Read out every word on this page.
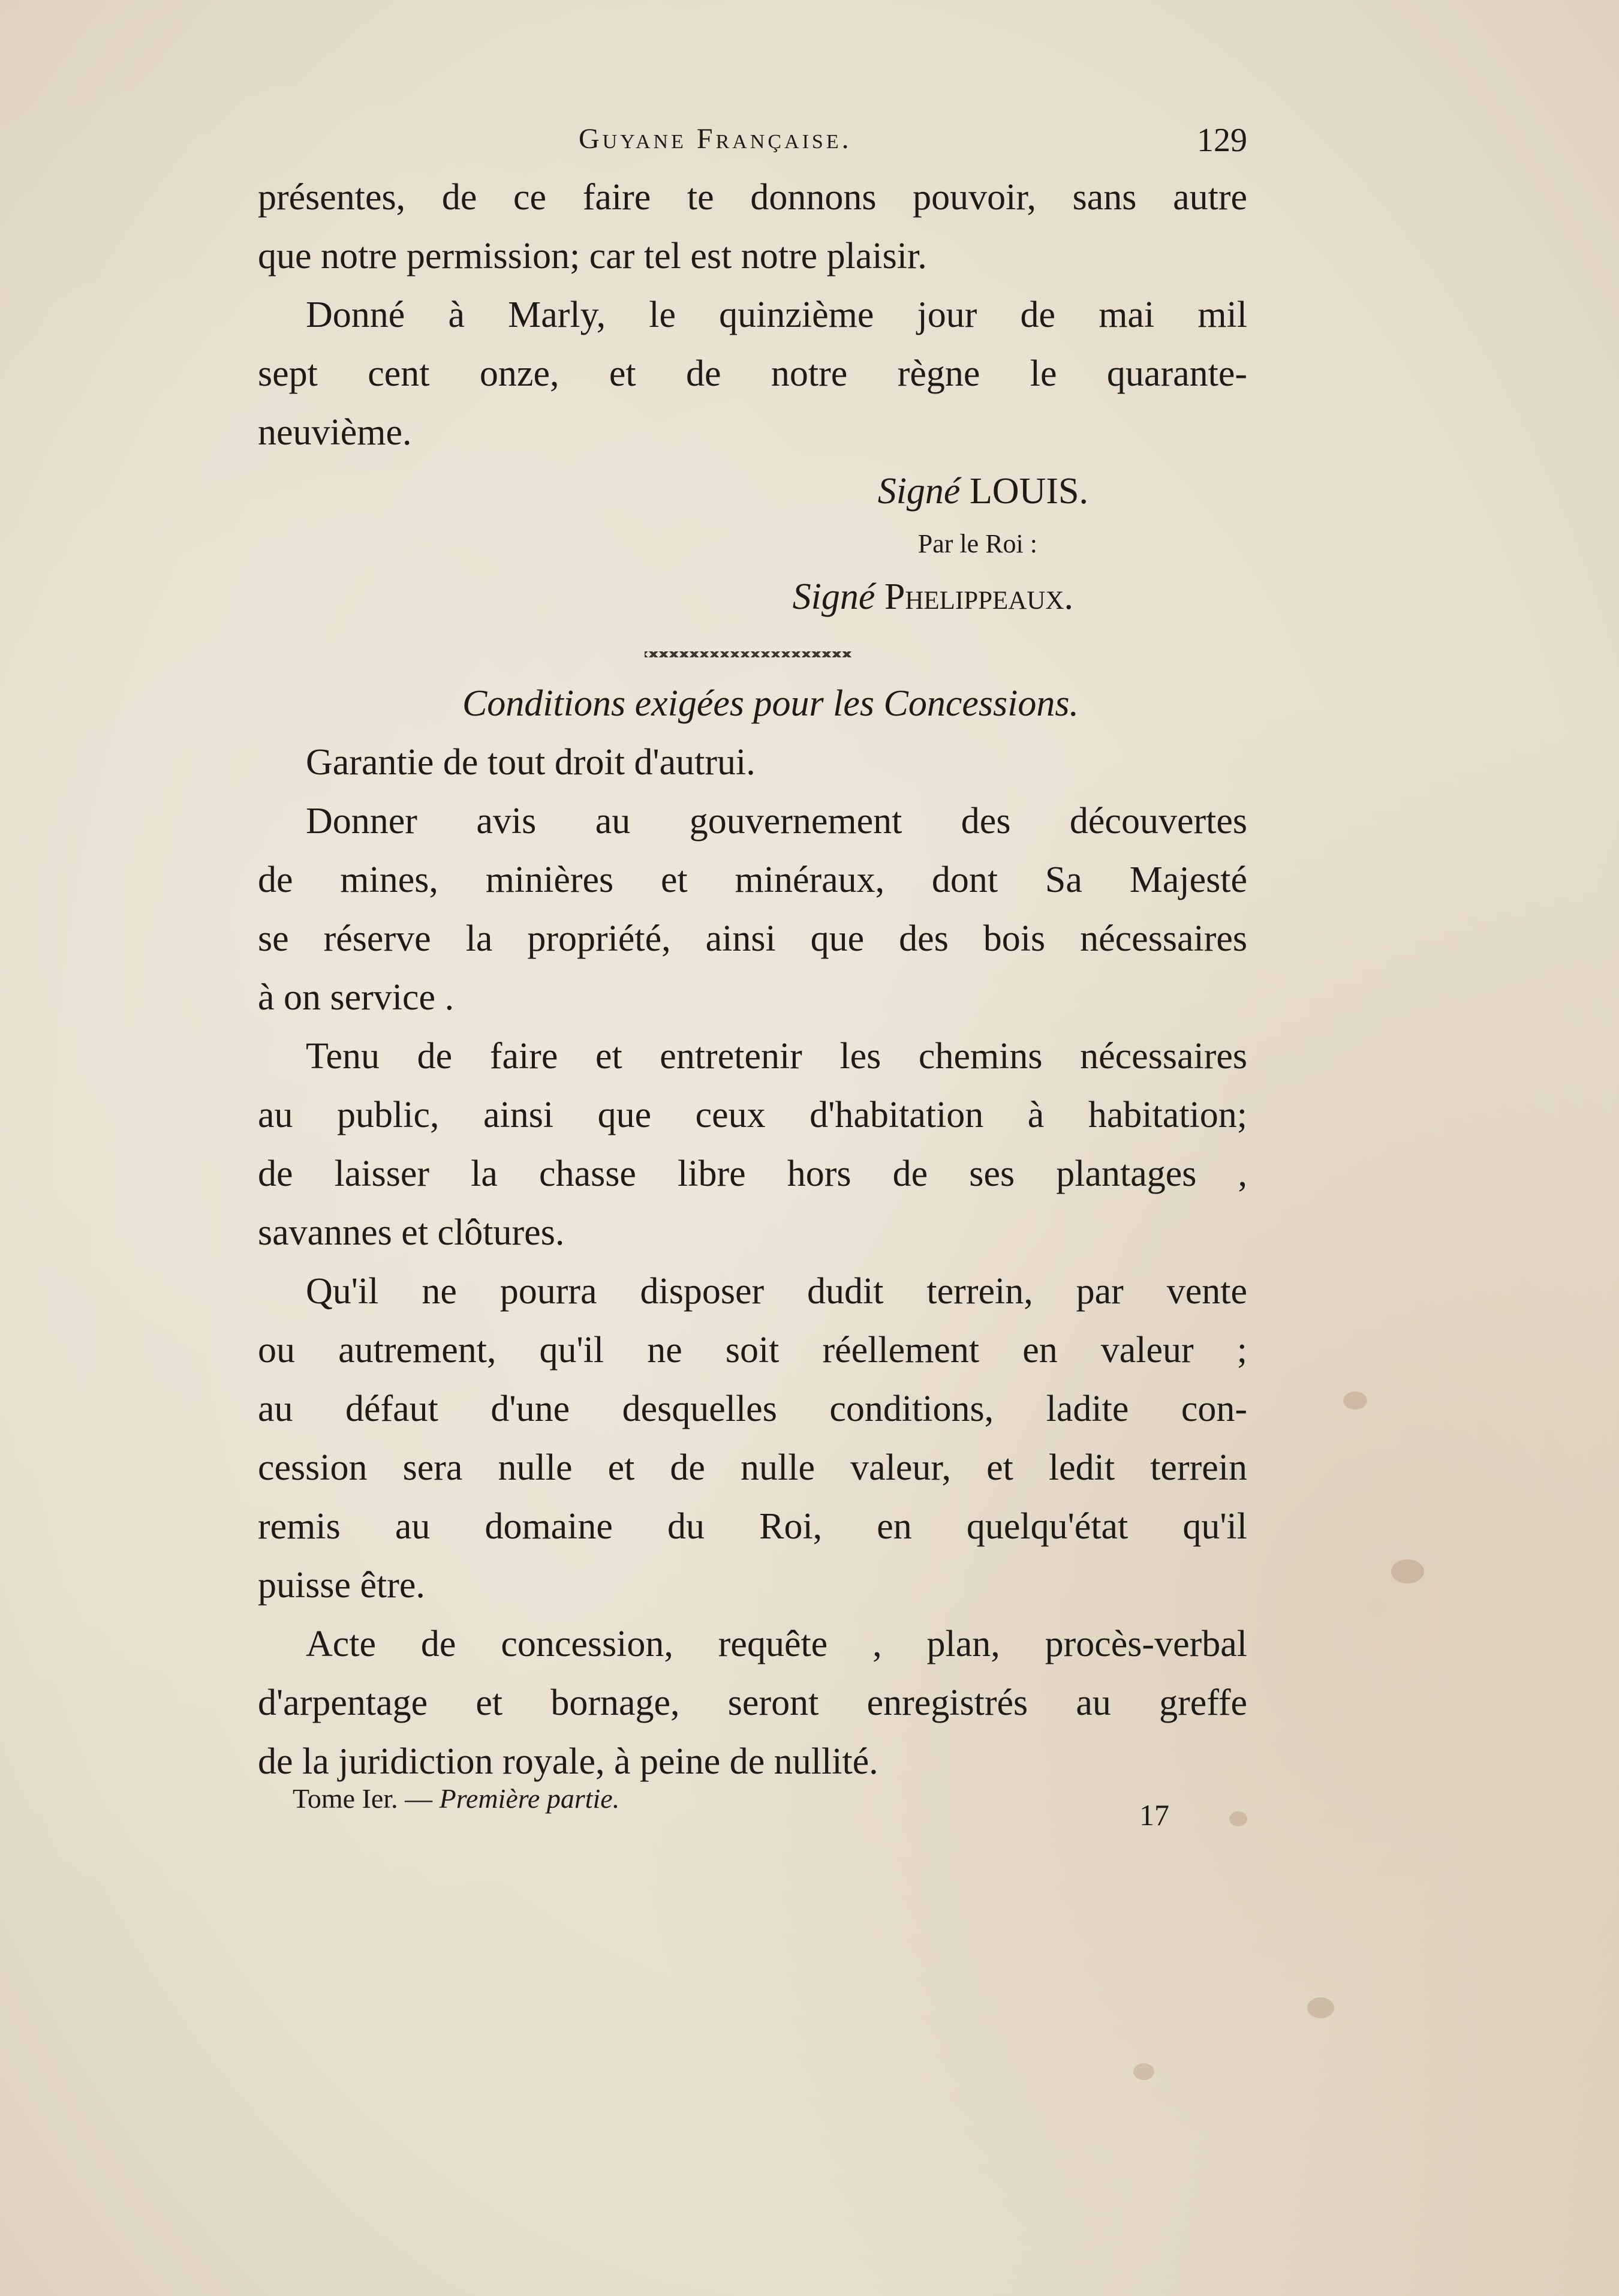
Guyane Française.	129

présentes, de ce faire te donnons pouvoir, sans autre

que notre permission; car tel est notre plaisir.

Donné à Marly, le quinzième jour de mai mil

sept cent onze, et de notre règne le quarante-

neuvième.

Signé LOUIS.

Par le Roi :

Signé Phelippeaux.

Conditions exigées pour les Concessions.

Garantie de tout droit d'autrui.

Donner avis au gouvernement des découvertes

de mines, minières et minéraux, dont Sa Majesté

se réserve la propriété, ainsi que des bois nécessaires

à on service .

Tenu de faire et entretenir les chemins nécessaires

au public, ainsi que ceux d'habitation à habitation;

de laisser la chasse libre hors de ses plantages ,

savannes et clôtures.

Qu'il ne pourra disposer dudit terrein, par vente

ou autrement, qu'il ne soit réellement en valeur ;

au défaut d'une desquelles conditions, ladite con-

cession sera nulle et de nulle valeur, et ledit terrein

remis au domaine du Roi, en quelqu'état qu'il

puisse être.

Acte de concession, requête , plan, procès-verbal

d'arpentage et bornage, seront enregistrés au greffe

de la juridiction royale, à peine de nullité.

Tome Ier. — Première partie.	17
